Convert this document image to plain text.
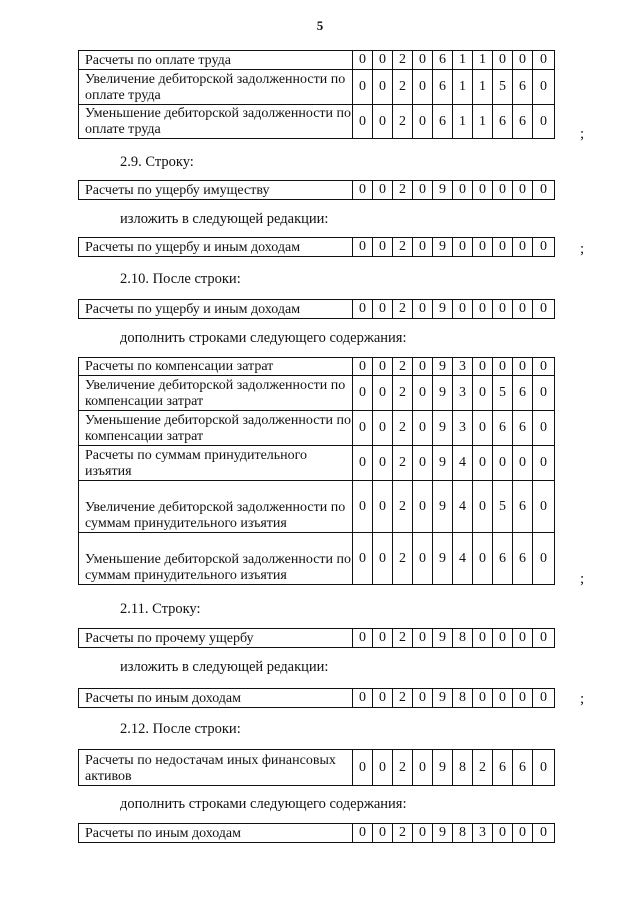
5
Расчеты по оплате труда	0	0	2	0	6	1	1	0	0	0
Увеличение дебиторской задолженности по оплате труда	0	0	2	0	6	1	1	5	6	0
Уменьшение дебиторской задолженности по оплате труда	0	0	2	0	6	1	1	6	6	0
;
2.9. Строку:
Расчеты по ущербу имуществу	0	0	2	0	9	0	0	0	0	0
изложить в следующей редакции:
Расчеты по ущербу и иным доходам	0	0	2	0	9	0	0	0	0	0 ;
2.10. После строки:
Расчеты по ущербу и иным доходам	0	0	2	0	9	0	0	0	0	0
дополнить строками следующего содержания:
Расчеты по компенсации затрат	0	0	2	0	9	3	0	0	0	0
Увеличение дебиторской задолженности по компенсации затрат	0	0	2	0	9	3	0	5	6	0
Уменьшение дебиторской задолженности по компенсации затрат	0	0	2	0	9	3	0	6	6	0
Расчеты по суммам принудительного изъятия	0	0	2	0	9	4	0	0	0	0
Увеличение дебиторской задолженности по суммам принудительного изъятия	0	0	2	0	9	4	0	5	6	0
Уменьшение дебиторской задолженности по суммам принудительного изъятия	0	0	2	0	9	4	0	6	6	0
;
2.11. Строку:
Расчеты по прочему ущербу	0	0	2	0	9	8	0	0	0	0
изложить в следующей редакции:
Расчеты по иным доходам	0	0	2	0	9	8	0	0	0	0 ;
2.12. После строки:
Расчеты по недостачам иных финансовых активов	0	0	2	0	9	8	2	6	6	0
дополнить строками следующего содержания:
Расчеты по иным доходам	0	0	2	0	9	8	3	0	0	0
